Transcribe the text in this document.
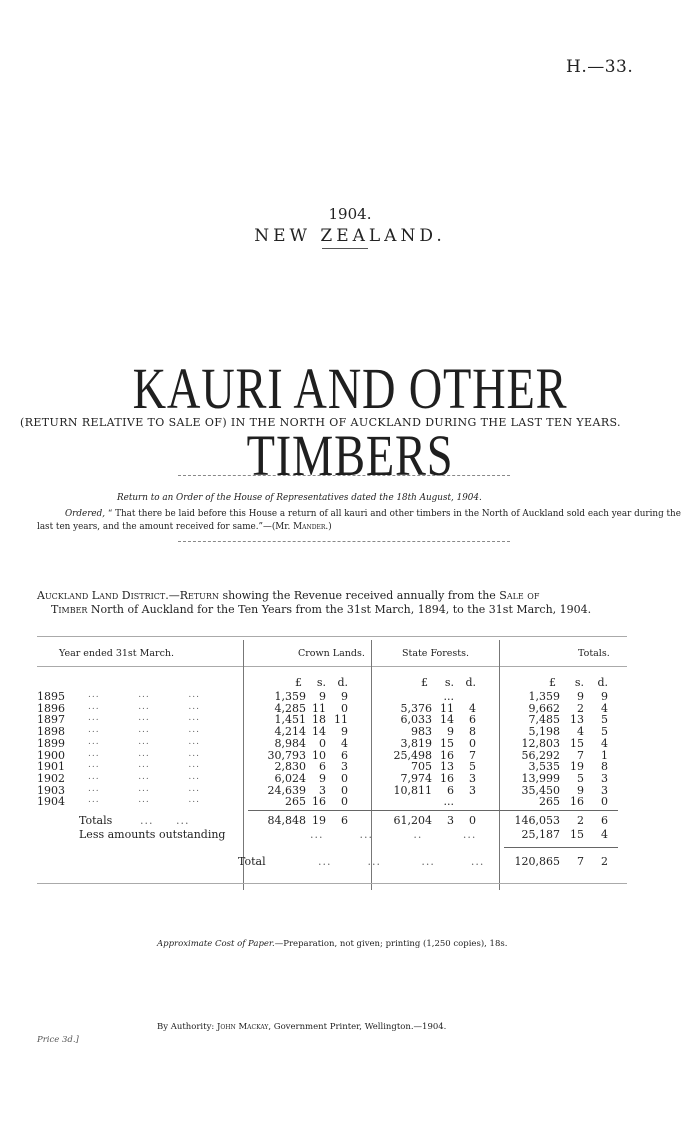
H.—33.
1904.
NEW ZEALAND.
KAURI AND OTHER TIMBERS
(RETURN RELATIVE TO SALE OF) IN THE NORTH OF AUCKLAND DURING THE LAST TEN YEARS.
Return to an Order of the House of Representatives dated the 18th August, 1904.
Ordered, “ That there be laid before this House a return of all kauri and other timbers in the North of Auckland sold each year during the last ten years, and the amount received for same.”—(Mr. Mander.)
Auckland Land District.—Return showing the Revenue received annually from the Sale of
Timber North of Auckland for the Ten Years from the 31st March, 1894, to the 31st March, 1904.
Year ended 31st March.	Crown Lands.	State Forests.	Totals.
£ s. d.	£ s. d.	£ s. d.
1895	...          ...          ...	1,359 9 9	...	1,359 9 9
1896	...          ...          ...	4,285 11 0	5,376 11 4	9,662 2 4
1897	...          ...          ...	1,451 18 11	6,033 14 6	7,485 13 5
1898	...          ...          ...	4,214 14 9	983 9 8	5,198 4 5
1899	...          ...          ...	8,984 0 4	3,819 15 0	12,803 15 4
1900	...          ...          ...	30,793 10 6	25,498 16 7	56,292 7 1
1901	...          ...          ...	2,830 6 3	705 13 5	3,535 19 8
1902	...          ...          ...	6,024 9 0	7,974 16 3	13,999 5 3
1903	...          ...          ...	24,639 3 0	10,811 6 3	35,450 9 3
1904	...          ...          ...	265 16 0	...	265 16 0
Totals	...     ...	84,848 19 6	61,204 3 0	146,053 2 6
Less amounts outstanding	...        ...         ..         ...	25,187 15 4
Total	...        ...         ...        ...	120,865 7 2
Approximate Cost of Paper.—Preparation, not given; printing (1,250 copies), 18s.
By Authority: John Mackay, Government Printer, Wellington.—1904.
Price 3d.]
